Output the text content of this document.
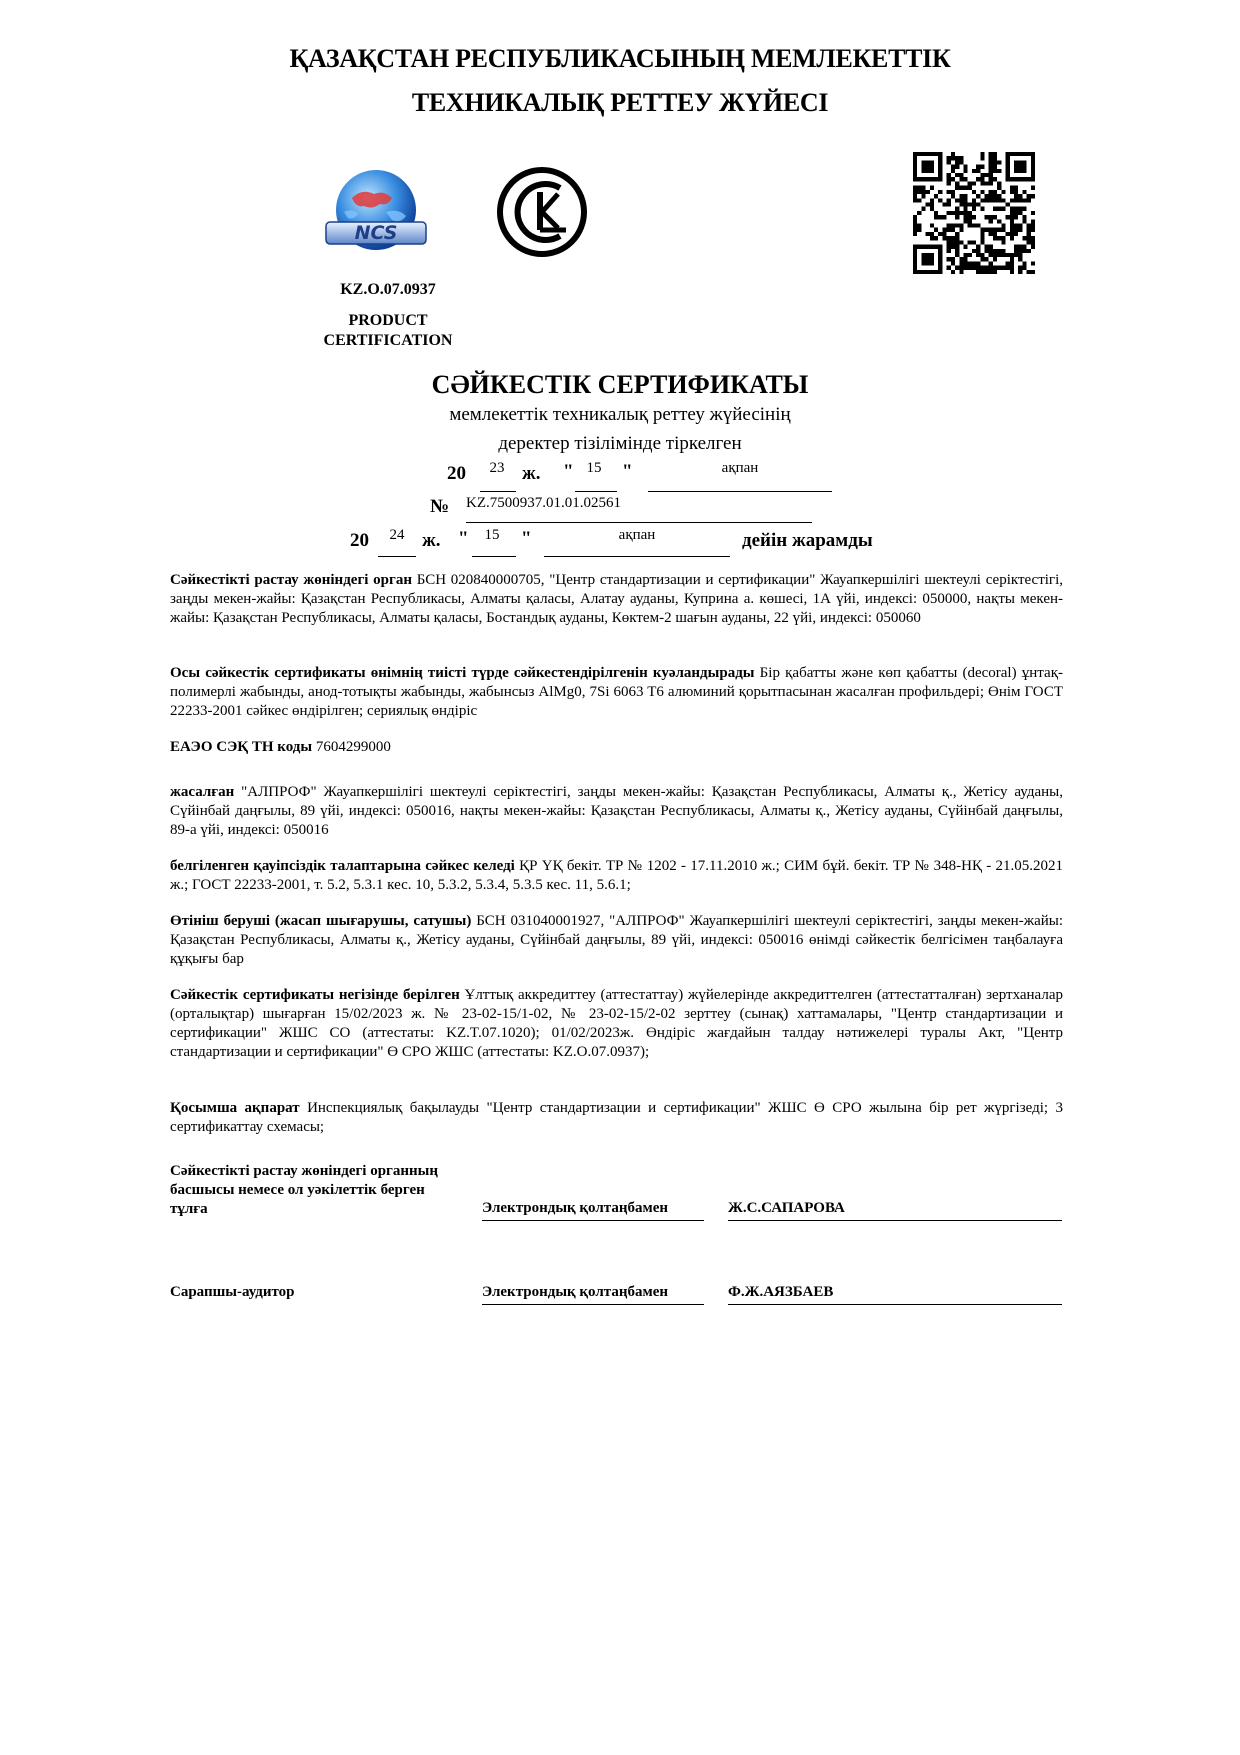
ҚАЗАҚСТАН РЕСПУБЛИКАСЫНЫҢ МЕМЛЕКЕТТІК
ТЕХНИКАЛЫҚ РЕТТЕУ ЖҮЙЕСІ
NCS
KZ.O.07.0937
PRODUCT
CERTIFICATION
СӘЙКЕСТІК СЕРТИФИКАТЫ
мемлекеттік техникалық реттеу жүйесінің
деректер тізілімінде тіркелген
20	23 ж. " 15	"	ақпан
№ KZ.7500937.01.01.02561
20	24 ж. "	15	"	ақпан	дейін жарамды
Сәйкестікті растау жөніндегі орган БСН 020840000705, "Центр стандартизации и сертификации" Жауапкершілігі шектеулі серіктестігі, заңды мекен-жайы: Қазақстан Республикасы, Алматы қаласы, Алатау ауданы, Куприна а. көшесі, 1А үйі, индексі: 050000, нақты мекен-жайы: Қазақстан Республикасы, Алматы қаласы, Бостандық ауданы, Көктем-2 шағын ауданы, 22 үйі, индексі: 050060
Осы сәйкестік сертификаты өнімнің тиісті түрде сәйкестендірілгенін куәландырады Бір қабатты және көп қабатты (decoral) ұнтақ-полимерлі жабынды, анод-тотықты жабынды, жабынсыз AlMg0, 7Si 6063 T6 алюминий қорытпасынан жасалған профильдері; Өнім ГОСТ 22233-2001 сәйкес өндірілген; сериялық өндіріс
ЕАЭО СЭҚ ТН коды 7604299000
жасалған "АЛПРОФ" Жауапкершілігі шектеулі серіктестігі, заңды мекен-жайы: Қазақстан Республикасы, Алматы қ., Жетісу ауданы, Сүйінбай даңғылы, 89 үйі, индексі: 050016, нақты мекен-жайы: Қазақстан Республикасы, Алматы қ., Жетісу ауданы, Сүйінбай даңғылы, 89-а үйі, индексі: 050016
белгіленген қауіпсіздік талаптарына сәйкес келеді ҚР ҮҚ бекіт. ТР № 1202 - 17.11.2010 ж.; СИМ бұй. бекіт. ТР № 348-НҚ - 21.05.2021 ж.; ГОСТ 22233-2001, т. 5.2, 5.3.1 кес. 10, 5.3.2, 5.3.4, 5.3.5 кес. 11, 5.6.1;
Өтініш беруші (жасап шығарушы, сатушы) БСН 031040001927, "АЛПРОФ" Жауапкершілігі шектеулі серіктестігі, заңды мекен-жайы: Қазақстан Республикасы, Алматы қ., Жетісу ауданы, Сүйінбай даңғылы, 89 үйі, индексі: 050016 өнімді сәйкестік белгісімен таңбалауға құқығы бар
Сәйкестік сертификаты негізінде берілген Ұлттық аккредиттеу (аттестаттау) жүйелерінде аккредиттелген (аттестатталған) зертханалар (орталықтар) шығарған 15/02/2023 ж. № 23-02-15/1-02, № 23-02-15/2-02 зерттеу (сынақ) хаттамалары, "Центр стандартизации и сертификации" ЖШС СО (аттестаты: KZ.T.07.1020); 01/02/2023ж. Өндіріс жағдайын талдау нәтижелері туралы Акт, "Центр стандартизации и сертификации" Ө СРО ЖШС (аттестаты: KZ.O.07.0937);
Қосымша ақпарат Инспекциялық бақылауды "Центр стандартизации и сертификации" ЖШС Ө СРО жылына бір рет жүргізеді; 3 сертификаттау схемасы;
Сәйкестікті растау жөніндегі органның
басшысы немесе ол уәкілеттік берген
тұлға	Электрондық қолтаңбамен	Ж.С.САПАРОВА
Сарапшы-аудитор	Электрондық қолтаңбамен	Ф.Ж.АЯЗБАЕВ
